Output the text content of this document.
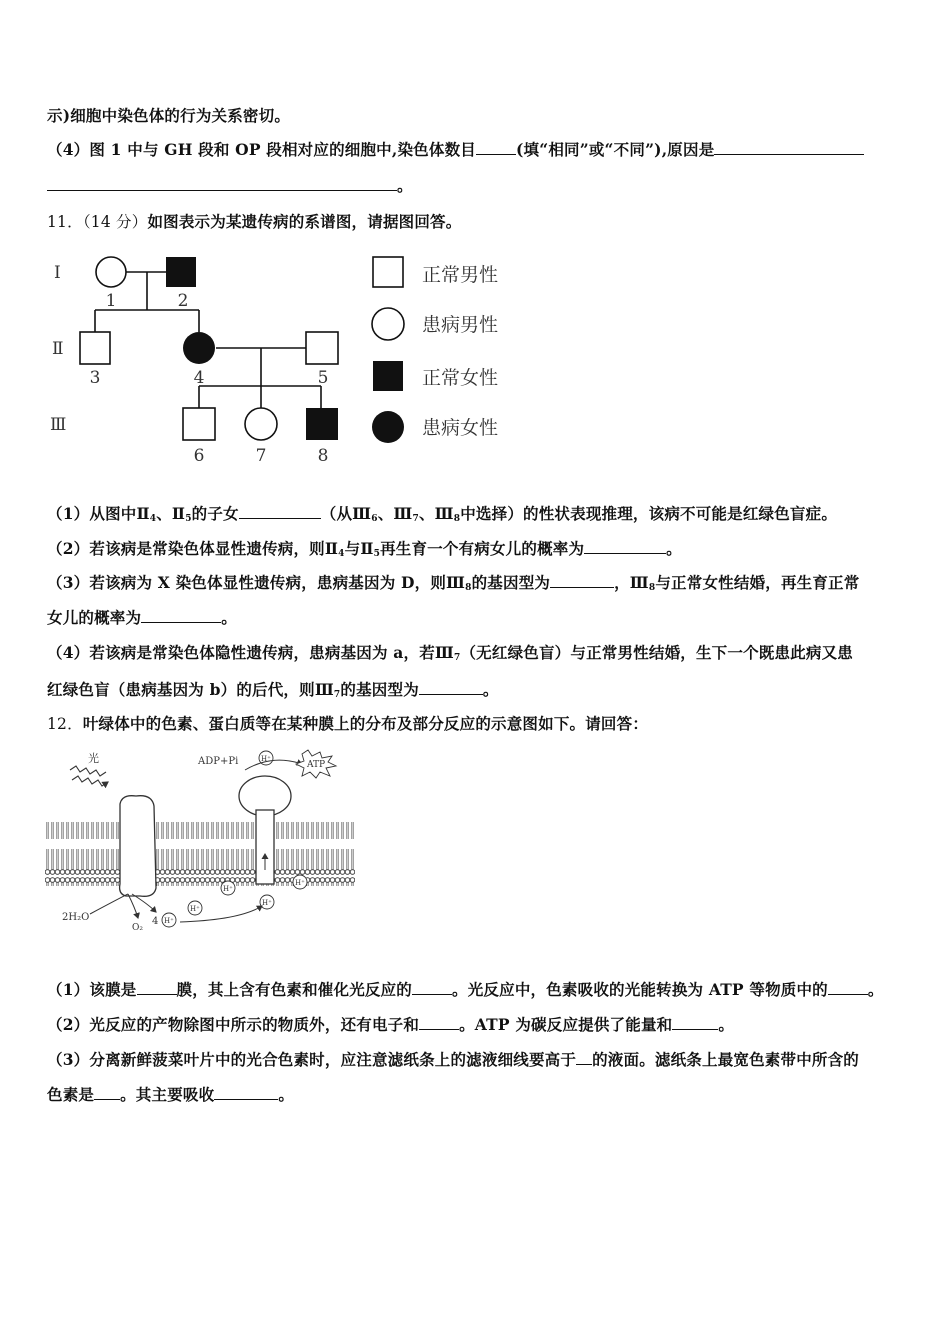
示)细胞中染色体的行为关系密切。
（4）图 1 中与 GH 段和 OP 段相对应的细胞中,染色体数目	(填“相同”或“不同”),原因是
。
11．（14 分）如图表示为某遗传病的系谱图，请据图回答。
Ⅰ
Ⅱ
Ⅲ
1	2
3	4	5
6	7	8
正常男性
患病男性
正常女性
患病女性
（1）从图中$Ⅱ_4$、$Ⅱ_5$的子女	（从$Ⅲ_6$、$Ⅲ_7$、$Ⅲ_8$中选择）的性状表现推理，该病不可能是红绿色盲症。
（2）若该病是常染色体显性遗传病，则$Ⅱ_4$与$Ⅱ_5$再生育一个有病女儿的概率为	。
（3）若该病为 X 染色体显性遗传病，患病基因为 D，则$Ⅲ_8$的基因型为	，$Ⅲ_8$与正常女性结婚，再生育正常
女儿的概率为	。
（4）若该病是常染色体隐性遗传病，患病基因为 a，若$Ⅲ_7$（无红绿色盲）与正常男性结婚，生下一个既患此病又患
红绿色盲（患病基因为 b）的后代，则$Ⅲ_7$的基因型为	。
12．叶绿体中的色素、蛋白质等在某种膜上的分布及部分反应的示意图如下。请回答：
光	ADP+Pi	H⁺
ATP
H⁺
H⁺
H⁺
H⁺
2H₂O
O₂
4 H⁺
（1）该膜是	膜，其上含有色素和催化光反应的	。光反应中，色素吸收的光能转换为 ATP 等物质中的	。
（2）光反应的产物除图中所示的物质外，还有电子和	。ATP 为碳反应提供了能量和	。
（3）分离新鲜菠菜叶片中的光合色素时，应注意滤纸条上的滤液细线要高于 的液面。滤纸条上最宽色素带中所含的
色素是 。其主要吸收	。
